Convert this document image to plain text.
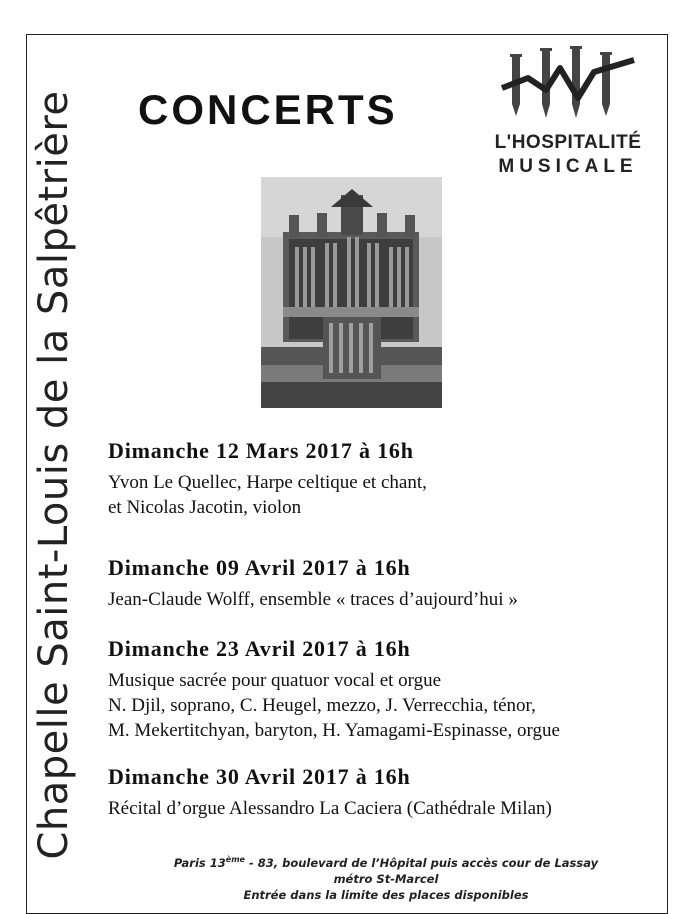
Chapelle Saint-Louis de la Salpêtrière CONCERTS
L'HOSPITALITÉ
MUSICALE
Dimanche 12 Mars 2017 à 16h
Yvon Le Quellec, Harpe celtique et chant,
et Nicolas Jacotin, violon
Dimanche 09 Avril 2017 à 16h
Jean-Claude Wolff, ensemble « traces d’aujourd’hui »
Dimanche 23 Avril 2017 à 16h
Musique sacrée pour quatuor vocal et orgue
N. Djil, soprano, C. Heugel, mezzo, J. Verrecchia, ténor,
M. Mekertitchyan, baryton, H. Yamagami-Espinasse, orgue
Dimanche 30 Avril 2017 à 16h
Récital d’orgue Alessandro La Caciera (Cathédrale Milan)
Paris 13ème - 83, boulevard de l’Hôpital puis accès cour de Lassay
métro St-Marcel
Entrée dans la limite des places disponibles
